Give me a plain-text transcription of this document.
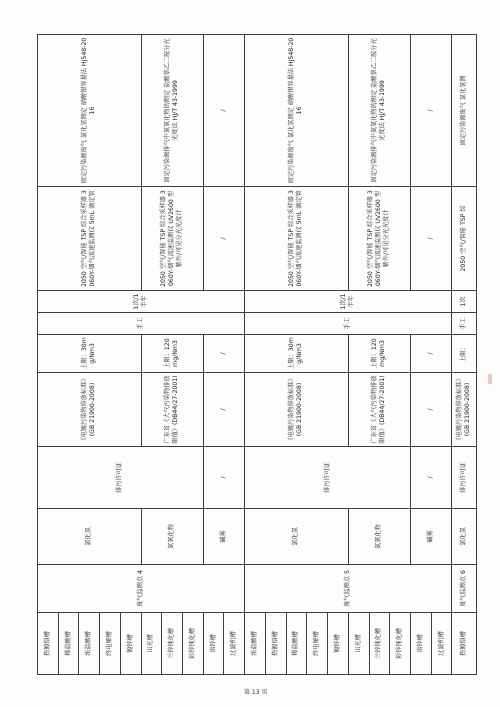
热镀铬槽	废气监测点 4	氯化氢	排污许可证	《电镀污染物排放标准》(GB 21900-2008)	上限：30mg/Nm3	手工	1次/1半年	2050 空气/智能 TSP 综合采样器 3060Y-烟气流速监测仪 5mL 滴定管	固定污染源废气 氯化氢测定 硝酸银容量法 HJ548-2016
稀盐酸槽									
浓盐酸槽									
终电解槽									
镀锌槽									
出光槽		氮氧化物		广东省《大气污染物排放限值》(DB44/27-2001)	上限：120mg/Nm3			2050 空气/智能 TSP 综合采样器 3060Y-烟气流速监测仪 UV2600 型 紫外/可见分光光度计	固定污染源排气中氮氧化物的测定 盐酸萘乙二胺分光光度法 HJ/T 43-1999
兰锌钝化槽									
彩锌钝化槽									
溶锌槽		碱雾	/	/	/			/	/
过滤机槽									
浓盐酸槽	废气监测点 5	氯化氢	排污许可证	《电镀污染物排放标准》(GB 21900-2008)	上限：30mg/Nm3	手工	1次/1半年	2050 空气/智能 TSP 综合采样器 3060Y-烟气流速监测仪 5mL 滴定管	固定污染源废气 氯化氢测定 硝酸银容量法 HJ548-2016
热镀铬槽									
稀盐酸槽									
终电解槽									
镀锌槽									
出光槽		氮氧化物		广东省《大气污染物排放限值》(DB44/27-2001)	上限：120mg/Nm3			2050 空气/智能 TSP 综合采样器 3060Y-烟气流速监测仪 UV2600 型 紫外/可见分光光度计	固定污染源排气中氮氧化物的测定 盐酸萘乙二胺分光光度法 HJ/T 43-1999
兰锌钝化槽									
彩锌钝化槽									
溶锌槽		碱雾	/	/	/			/	/
过滤机槽									
热镀铬槽	废气监测点 6	氯化氢	排污许可证	《电镀污染物排放标准》(GB 21900-2008)	上限：	手工	1次	2050 空气/智能 TSP 综	固定污染源废气 氯化氢测
第 13 页
